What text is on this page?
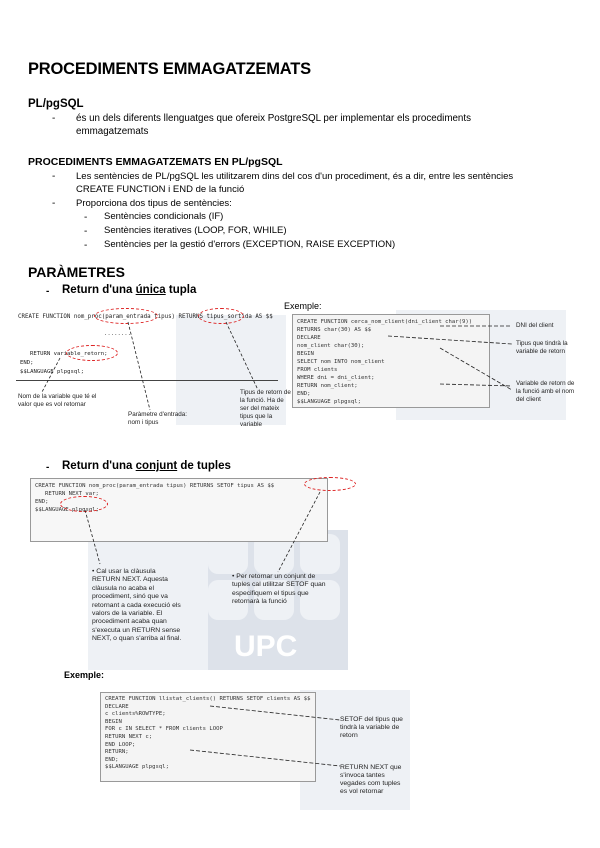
PROCEDIMENTS EMMAGATZEMATS
PL/pgSQL
- és un dels diferents llenguatges que ofereix PostgreSQL per implementar els procediments emmagatzemats
PROCEDIMENTS EMMAGATZEMATS EN PL/pgSQL
- Les sentències de PL/pgSQL les utilitzarem dins del cos d'un procediment, és a dir, entre les sentències CREATE FUNCTION i END de la funció
- Proporciona dos tipus de sentències:
- Sentències condicionals (IF)
- Sentències iteratives (LOOP, FOR, WHILE)
- Sentències per la gestió d'errors (EXCEPTION, RAISE EXCEPTION)
PARÀMETRES
- Return d'una única tupla
CREATE FUNCTION nom_proc(param_entrada tipus) RETURNS tipus_sortida AS $$
........
RETURN variable_retorn;
END;
$$LANGUAGE plpgsql;
Nom de la variable que té el valor que es vol retornar
Paràmetre d'entrada: nom i tipus
Tipus de retorn de la funció. Ha de ser del mateix tipus que la variable
Exemple:
CREATE FUNCTION cerca_nom_client(dni_client char(9)) RETURNS char(30) AS $$
DECLARE
nom_client char(30);
BEGIN
SELECT nom INTO nom_client
FROM clients
WHERE dni = dni_client;
RETURN nom_client;
END;
$$LANGUAGE plpgsql;
DNI del client
Tipus que tindrà la variable de retorn
Variable de retorn de la funció amb el nom del client
- Return d'una conjunt de tuples
UPC
CREATE FUNCTION nom_proc(param_entrada tipus) RETURNS SETOF tipus AS $$
RETURN NEXT var;
END;
$$LANGUAGE plpgsql;
• Cal usar la clàusula RETURN NEXT. Aquesta clàusula no acaba el procediment, sinó que va retornant a cada execució els valors de la variable. El procediment acaba quan s'executa un RETURN sense NEXT, o quan s'arriba al final.
• Per retornar un conjunt de tuples cal utilitzar SETOF quan especifiquem el tipus que retornarà la funció
Exemple:
CREATE FUNCTION llistat_clients() RETURNS SETOF clients AS $$
DECLARE
c clients%ROWTYPE;
BEGIN
FOR c IN SELECT * FROM clients LOOP
RETURN NEXT c;
END LOOP;
RETURN;
END;
$$LANGUAGE plpgsql;
SETOF del tipus que tindrà la variable de retorn
RETURN NEXT que s'invoca tantes vegades com tuples es vol retornar
